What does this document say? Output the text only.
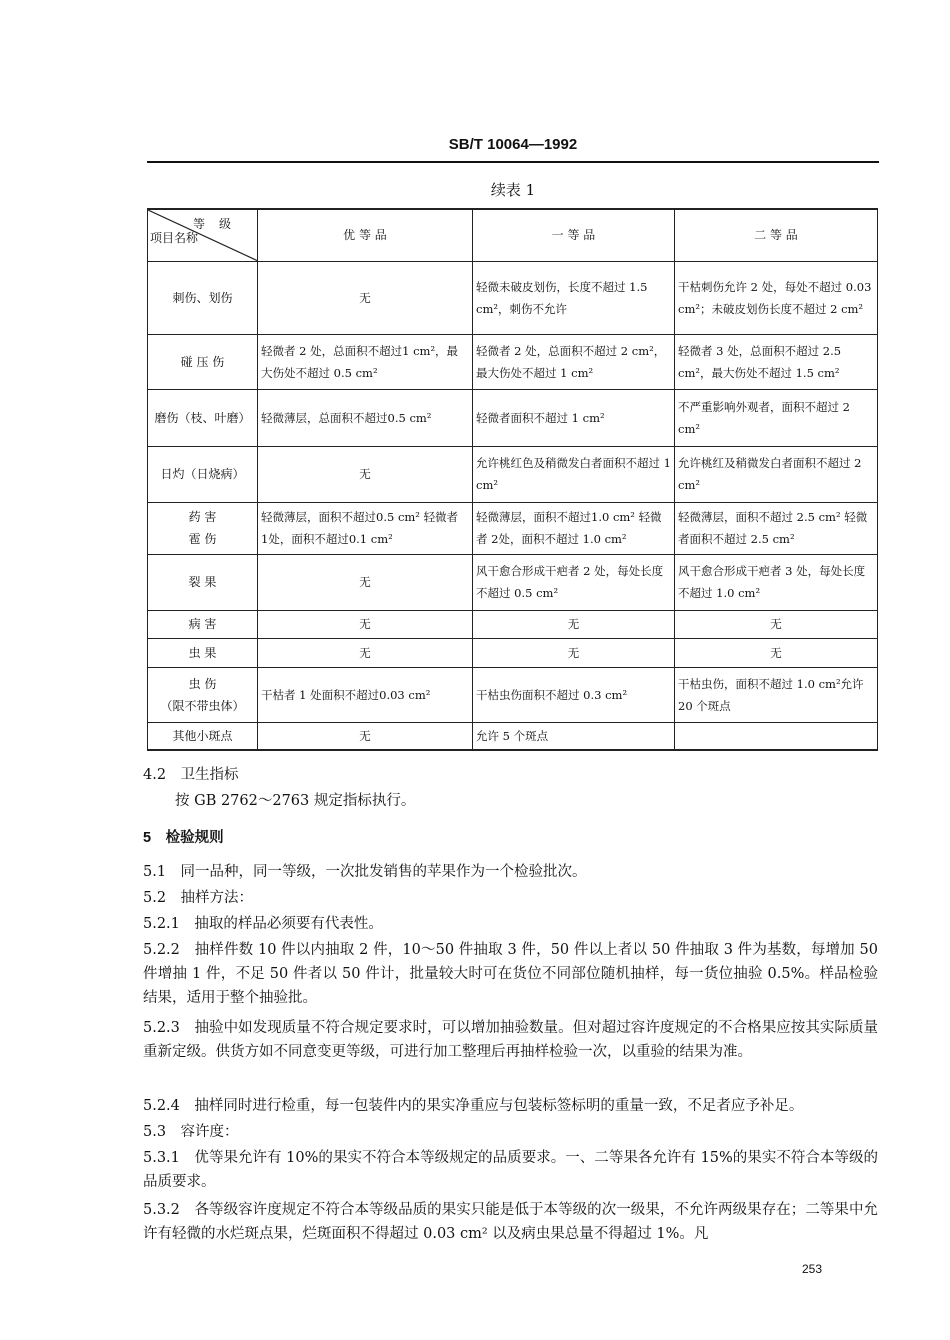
SB/T 10064—1992
续表 1
等级
项目名称	优 等 品	一 等 品	二 等 品
刺伤、划伤	无	轻微未破皮划伤，长度不超过 1.5 cm²，刺伤不允许	干枯刺伤允许 2 处，每处不超过 0.03 cm²；未破皮划伤长度不超过 2 cm²
碰 压 伤	轻微者 2 处，总面积不超过1 cm²，最大伤处不超过 0.5 cm²	轻微者 2 处，总面积不超过 2 cm²，最大伤处不超过 1 cm²	轻微者 3 处，总面积不超过 2.5 cm²，最大伤处不超过 1.5 cm²
磨伤（枝、叶磨）	轻微薄层，总面积不超过0.5 cm²	轻微者面积不超过 1 cm²	不严重影响外观者，面积不超过 2 cm²
日灼（日烧病）	无	允许桃红色及稍微发白者面积不超过 1 cm²	允许桃红及稍微发白者面积不超过 2 cm²

药 害
雹 伤	轻微薄层，面积不超过0.5 cm² 轻微者 1处，面积不超过0.1 cm²	轻微薄层，面积不超过1.0 cm² 轻微者 2处，面积不超过 1.0 cm²	轻微薄层，面积不超过 2.5 cm² 轻微者面积不超过 2.5 cm²
裂 果	无	风干愈合形成干疤者 2 处，每处长度不超过 0.5 cm²	风干愈合形成干疤者 3 处，每处长度不超过 1.0 cm²
病 害	无	无	无
虫 果	无	无	无

虫 伤
（限不带虫体）	干枯者 1 处面积不超过0.03 cm²	干枯虫伤面积不超过 0.3 cm²	干枯虫伤，面积不超过 1.0 cm²允许 20 个斑点
其他小斑点	无	允许 5 个斑点	
4.2　卫生指标
按 GB 2762～2763 规定指标执行。
5　检验规则
5.1　同一品种，同一等级，一次批发销售的苹果作为一个检验批次。
5.2　抽样方法：
5.2.1　抽取的样品必须要有代表性。
5.2.2　抽样件数 10 件以内抽取 2 件，10～50 件抽取 3 件，50 件以上者以 50 件抽取 3 件为基数，每增加 50 件增抽 1 件，不足 50 件者以 50 件计，批量较大时可在货位不同部位随机抽样，每一货位抽验 0.5%。样品检验结果，适用于整个抽验批。
5.2.3　抽验中如发现质量不符合规定要求时，可以增加抽验数量。但对超过容许度规定的不合格果应按其实际质量重新定级。供货方如不同意变更等级，可进行加工整理后再抽样检验一次，以重验的结果为准。
5.2.4　抽样同时进行检重，每一包装件内的果实净重应与包装标签标明的重量一致，不足者应予补足。
5.3　容许度：
5.3.1　优等果允许有 10%的果实不符合本等级规定的品质要求。一、二等果各允许有 15%的果实不符合本等级的品质要求。
5.3.2　各等级容许度规定不符合本等级品质的果实只能是低于本等级的次一级果，不允许两级果存在；二等果中允许有轻微的水烂斑点果，烂斑面积不得超过 0.03 cm² 以及病虫果总量不得超过 1%。凡
253
